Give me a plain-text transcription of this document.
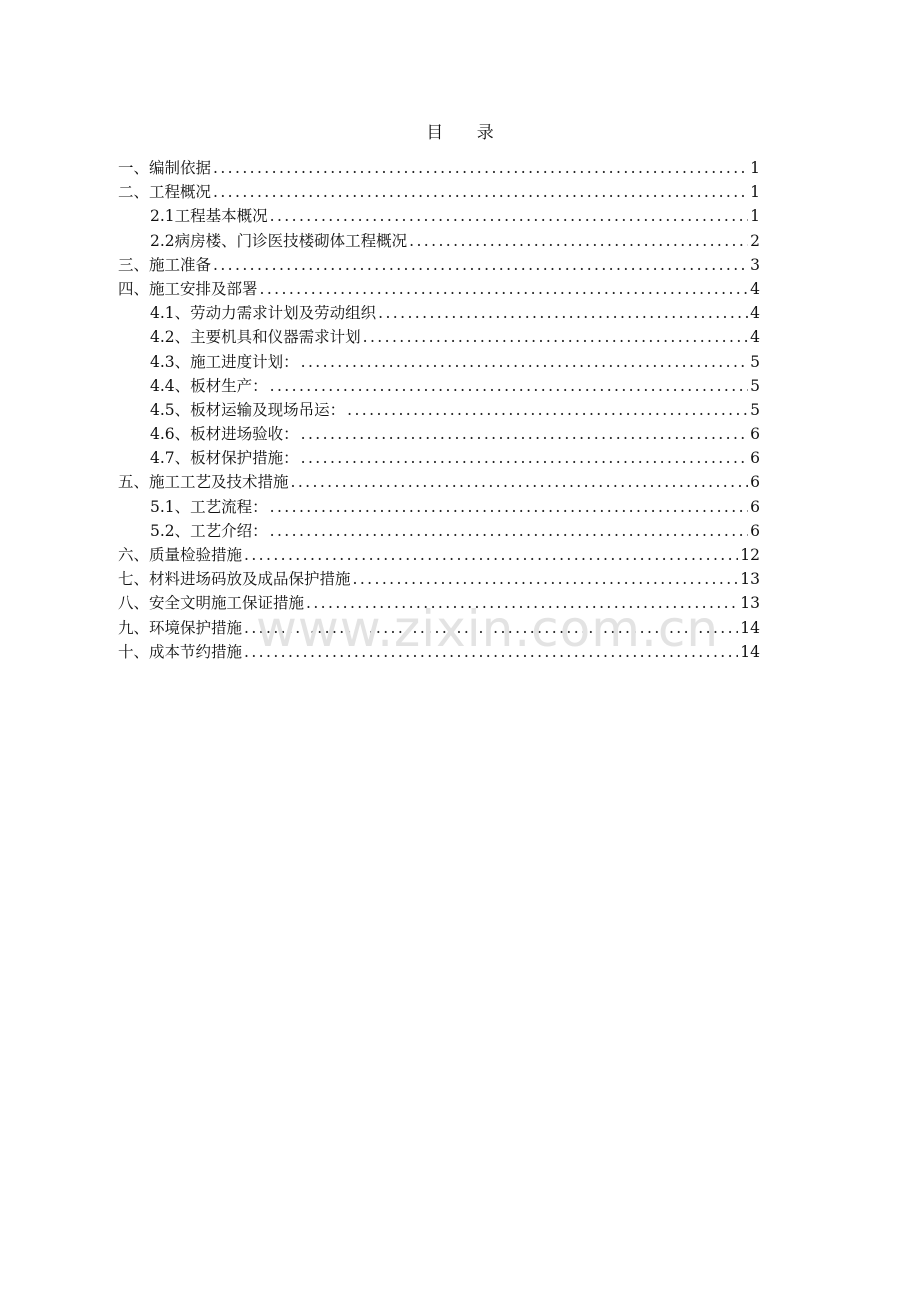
目 录
一、编制依据 .....	1
二、工程概况 .....	1
2.1工程基本概况 .....	1
2.2病房楼、门诊医技楼砌体工程概况 .....	2
三、施工准备 .....	3
四、施工安排及部署 .....	4
4.1、劳动力需求计划及劳动组织 .....	4
4.2、主要机具和仪器需求计划 .....	4
4.3、施工进度计划： .....	5
4.4、板材生产： .....	5
4.5、板材运输及现场吊运： .....	5
4.6、板材进场验收： .....	6
4.7、板材保护措施： .....	6
五、施工工艺及技术措施 .....	6
5.1、工艺流程： .....	6
5.2、工艺介绍： .....	6
六、质量检验措施 .....	12
七、材料进场码放及成品保护措施 .....	13
八、安全文明施工保证措施 .....	13
九、环境保护措施 .....	14
十、成本节约措施 .....	14
www.zixin.com.cn
